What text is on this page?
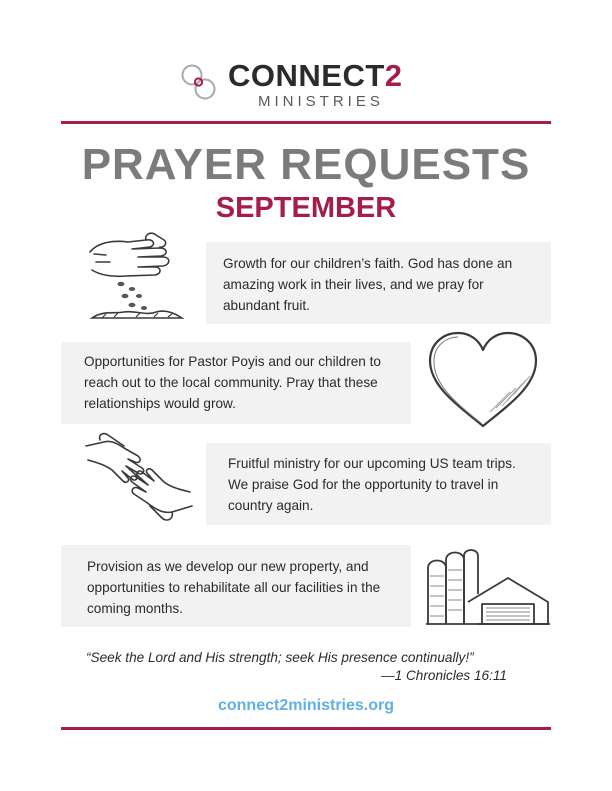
CONNECT2
MINISTRIES
PRAYER REQUESTS
SEPTEMBER
Growth for our children’s faith. God has done an amazing work in their lives, and we pray for abundant fruit.
Opportunities for Pastor Poyis and our children to reach out to the local community. Pray that these relationships would grow.
Fruitful ministry for our upcoming US team trips. We praise God for the opportunity to travel in country again.
Provision as we develop our new property, and opportunities to rehabilitate all our facilities in the coming months.
“Seek the Lord and His strength; seek His presence continually!”
—1 Chronicles 16:11
connect2ministries.org
